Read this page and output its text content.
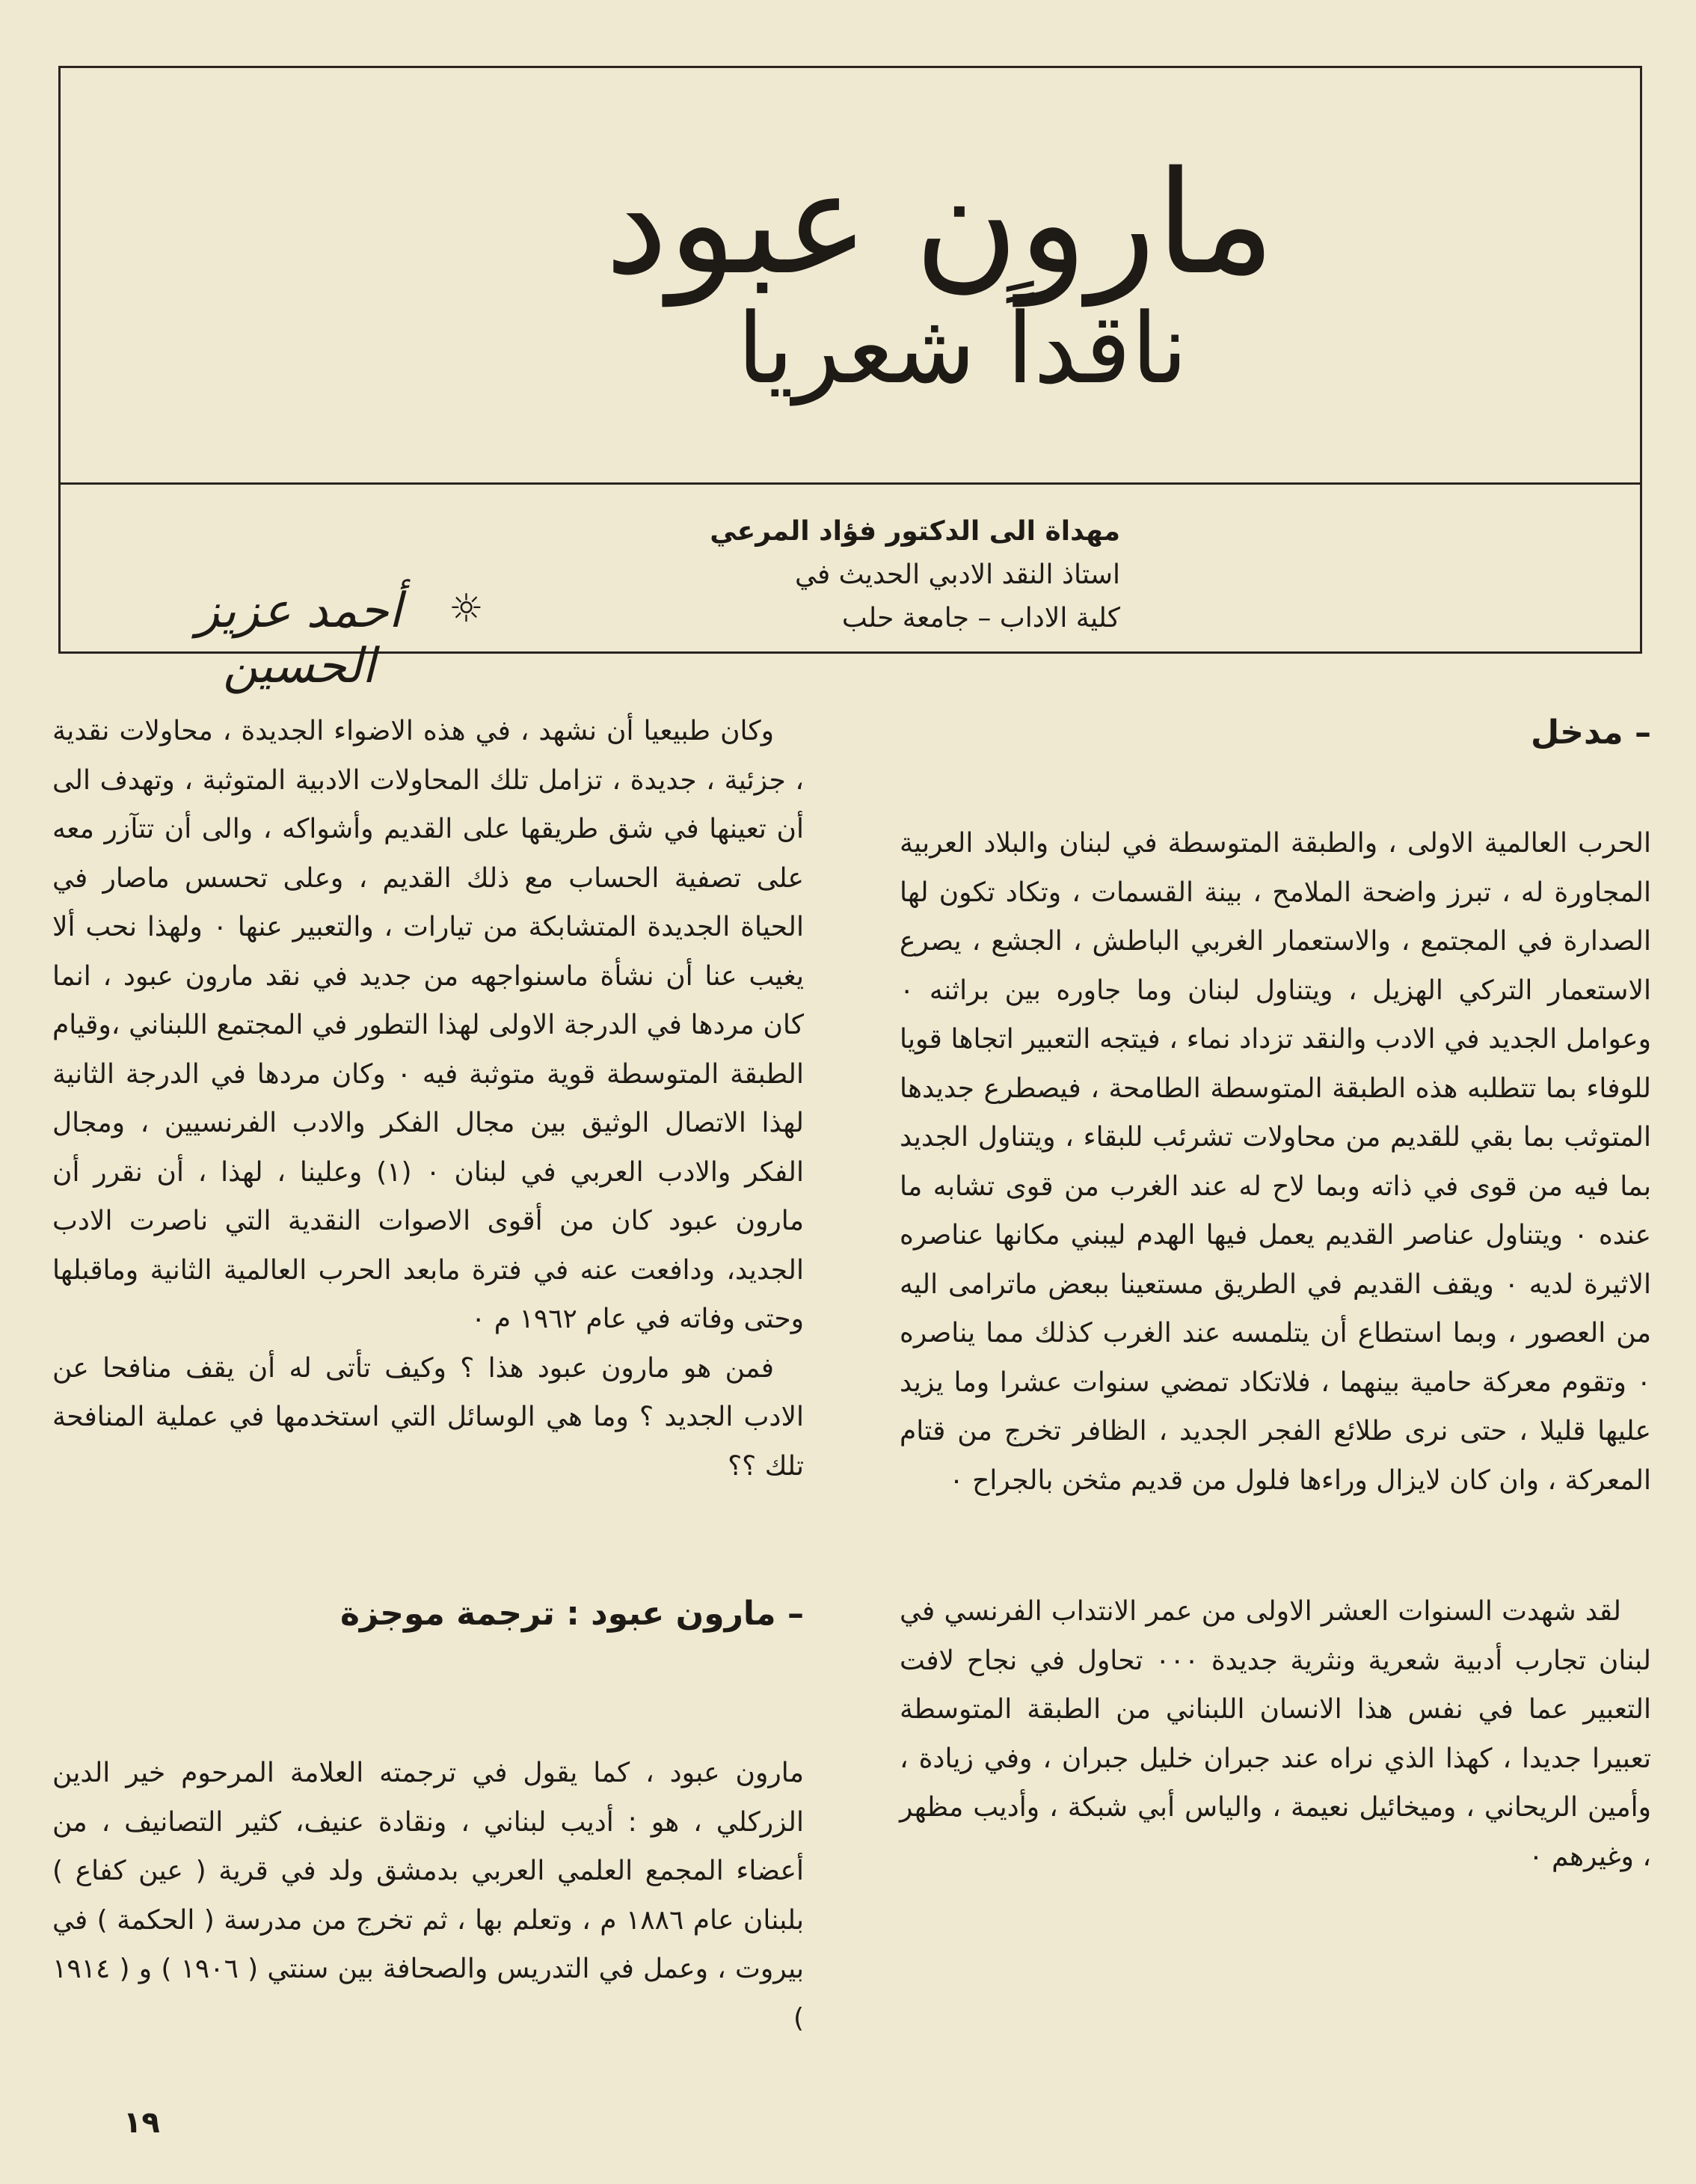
مارون عبود
ناقداً شعريا
مهداة الى الدكتور فؤاد المرعي
استاذ النقد الادبي الحديث في
كلية الاداب – جامعة حلب
☼
أحمد عزيز الحسين
– مدخل

الحرب العالمية الاولى ، والطبقة المتوسطة في لبنان والبلاد العربية المجاورة له ، تبرز واضحة الملامح ، بينة القسمات ، وتكاد تكون لها الصدارة في المجتمع ، والاستعمار الغربي الباطش ، الجشع ، يصرع الاستعمار التركي الهزيل ، ويتناول لبنان وما جاوره بين براثنه ٠ وعوامل الجديد في الادب والنقد تزداد نماء ، فيتجه التعبير اتجاها قويا للوفاء بما تتطلبه هذه الطبقة المتوسطة الطامحة ، فيصطرع جديدها المتوثب بما بقي للقديم من محاولات تشرئب للبقاء ، ويتناول الجديد بما فيه من قوى في ذاته وبما لاح له عند الغرب من قوى تشابه ما عنده ٠ ويتناول عناصر القديم يعمل فيها الهدم ليبني مكانها عناصره الاثيرة لديه ٠ ويقف القديم في الطريق مستعينا ببعض ماترامى اليه من العصور ، وبما استطاع أن يتلمسه عند الغرب كذلك مما يناصره ٠ وتقوم معركة حامية بينهما ، فلاتكاد تمضي سنوات عشرا وما يزيد عليها قليلا ، حتى نرى طلائع الفجر الجديد ، الظافر تخرج من قتام المعركة ، وان كان لايزال وراءها فلول من قديم مثخن بالجراح ٠

لقد شهدت السنوات العشر الاولى من عمر الانتداب الفرنسي في لبنان تجارب أدبية شعرية ونثرية جديدة ٠٠٠ تحاول في نجاح لافت التعبير عما في نفس هذا الانسان اللبناني من الطبقة المتوسطة تعبيرا جديدا ، كهذا الذي نراه عند جبران خليل جبران ، وفي زيادة ، وأمين الريحاني ، وميخائيل نعيمة ، والياس أبي شبكة ، وأديب مظهر ، وغيرهم ٠

وكان طبيعيا أن نشهد ، في هذه الاضواء الجديدة ، محاولات نقدية ، جزئية ، جديدة ، تزامل تلك المحاولات الادبية المتوثبة ، وتهدف الى أن تعينها في شق طريقها على القديم وأشواكه ، والى أن تتآزر معه على تصفية الحساب مع ذلك القديم ، وعلى تحسس ماصار في الحياة الجديدة المتشابكة من تيارات ، والتعبير عنها ٠ ولهذا نحب ألا يغيب عنا أن نشأة ماسنواجهه من جديد في نقد مارون عبود ، انما كان مردها في الدرجة الاولى لهذا التطور في المجتمع اللبناني ،وقيام الطبقة المتوسطة قوية متوثبة فيه ٠ وكان مردها في الدرجة الثانية لهذا الاتصال الوثيق بين مجال الفكر والادب الفرنسيين ، ومجال الفكر والادب العربي في لبنان ٠ (١) وعلينا ، لهذا ، أن نقرر أن مارون عبود كان من أقوى الاصوات النقدية التي ناصرت الادب الجديد، ودافعت عنه في فترة مابعد الحرب العالمية الثانية وماقبلها وحتى وفاته في عام ١٩٦٢ م ٠

فمن هو مارون عبود هذا ؟ وكيف تأتى له أن يقف منافحا عن الادب الجديد ؟ وما هي الوسائل التي استخدمها في عملية المنافحة تلك ؟؟

– مارون عبود : ترجمة موجزة

مارون عبود ، كما يقول في ترجمته العلامة المرحوم خير الدين الزركلي ، هو : أديب لبناني ، ونقادة عنيف، كثير التصانيف ، من أعضاء المجمع العلمي العربي بدمشق ولد في قرية ( عين كفاع ) بلبنان عام ١٨٨٦ م ، وتعلم بها ، ثم تخرج من مدرسة ( الحكمة ) في بيروت ، وعمل في التدريس والصحافة بين سنتي ( ١٩٠٦ ) و ( ١٩١٤ )

١٩
